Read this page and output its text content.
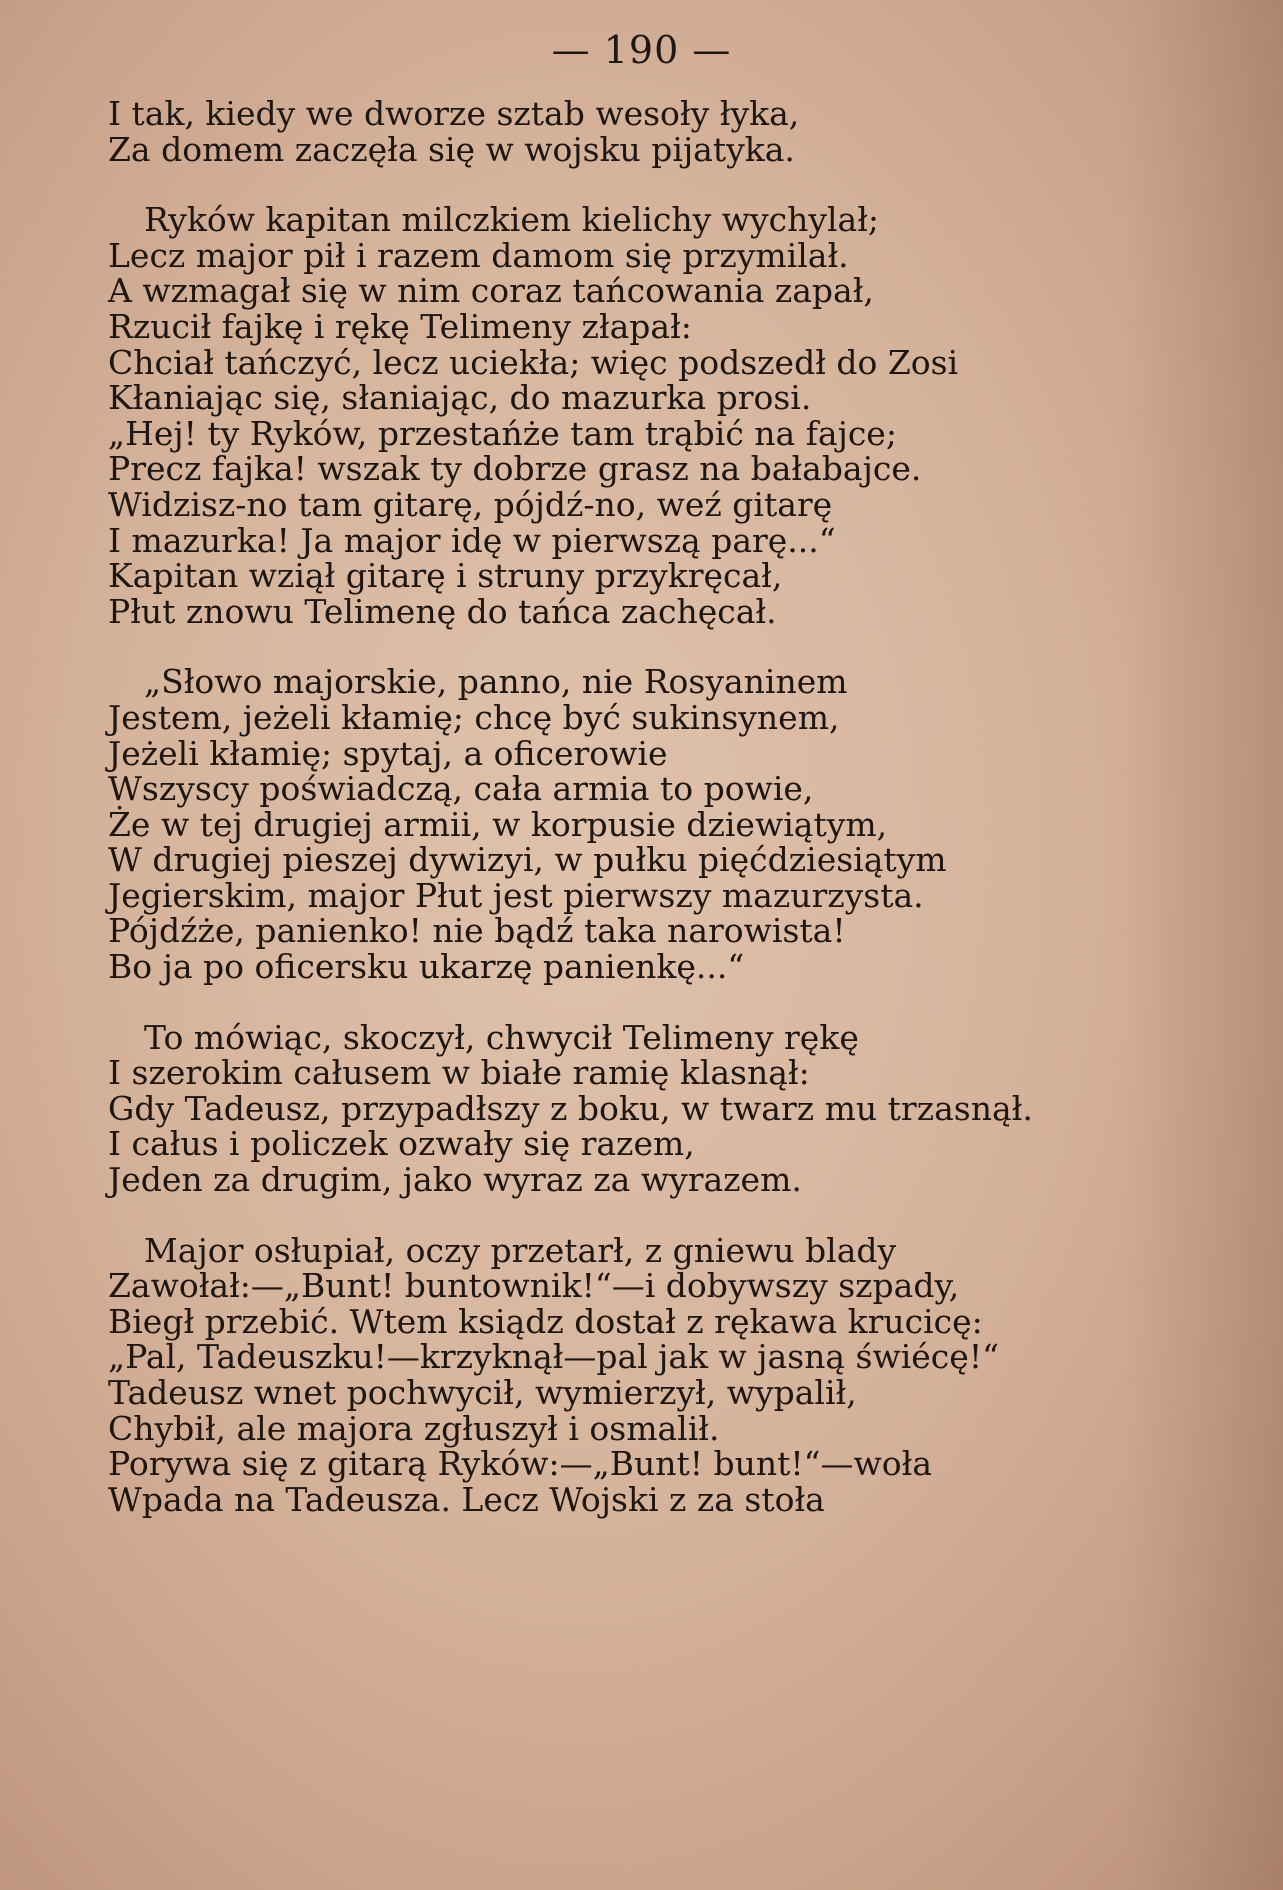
— 190 —
I tak, kiedy we dworze sztab wesoły łyka,
Za domem zaczęła się w wojsku pijatyka.
Ryków kapitan milczkiem kielichy wychylał;
Lecz major pił i razem damom się przymilał.
A wzmagał się w nim coraz tańcowania zapał,
Rzucił fajkę i rękę Telimeny złapał:
Chciał tańczyć, lecz uciekła; więc podszedł do Zosi
Kłaniając się, słaniając, do mazurka prosi.
„Hej! ty Ryków, przestańże tam trąbić na fajce;
Precz fajka! wszak ty dobrze grasz na bałabajce.
Widzisz-no tam gitarę, pójdź-no, weź gitarę
I mazurka! Ja major idę w pierwszą parę...“
Kapitan wziął gitarę i struny przykręcał,
Płut znowu Telimenę do tańca zachęcał.
„Słowo majorskie, panno, nie Rosyaninem
Jestem, jeżeli kłamię; chcę być sukinsynem,
Jeżeli kłamię; spytaj, a oficerowie
Wszyscy poświadczą, cała armia to powie,
Że w tej drugiej armii, w korpusie dziewiątym,
W drugiej pieszej dywizyi, w pułku pięćdziesiątym
Jegierskim, major Płut jest pierwszy mazurzysta.
Pójdźże, panienko! nie bądź taka narowista!
Bo ja po oficersku ukarzę panienkę...“
To mówiąc, skoczył, chwycił Telimeny rękę
I szerokim całusem w białe ramię klasnął:
Gdy Tadeusz, przypadłszy z boku, w twarz mu trzasnął.
I całus i policzek ozwały się razem,
Jeden za drugim, jako wyraz za wyrazem.
Major osłupiał, oczy przetarł, z gniewu blady
Zawołał:—„Bunt! buntownik!“—i dobywszy szpady,
Biegł przebić. Wtem ksiądz dostał z rękawa krucicę:
„Pal, Tadeuszku!—krzyknął—pal jak w jasną świécę!“
Tadeusz wnet pochwycił, wymierzył, wypalił,
Chybił, ale majora zgłuszył i osmalił.
Porywa się z gitarą Ryków:—„Bunt! bunt!“—woła
Wpada na Tadeusza. Lecz Wojski z za stoła
